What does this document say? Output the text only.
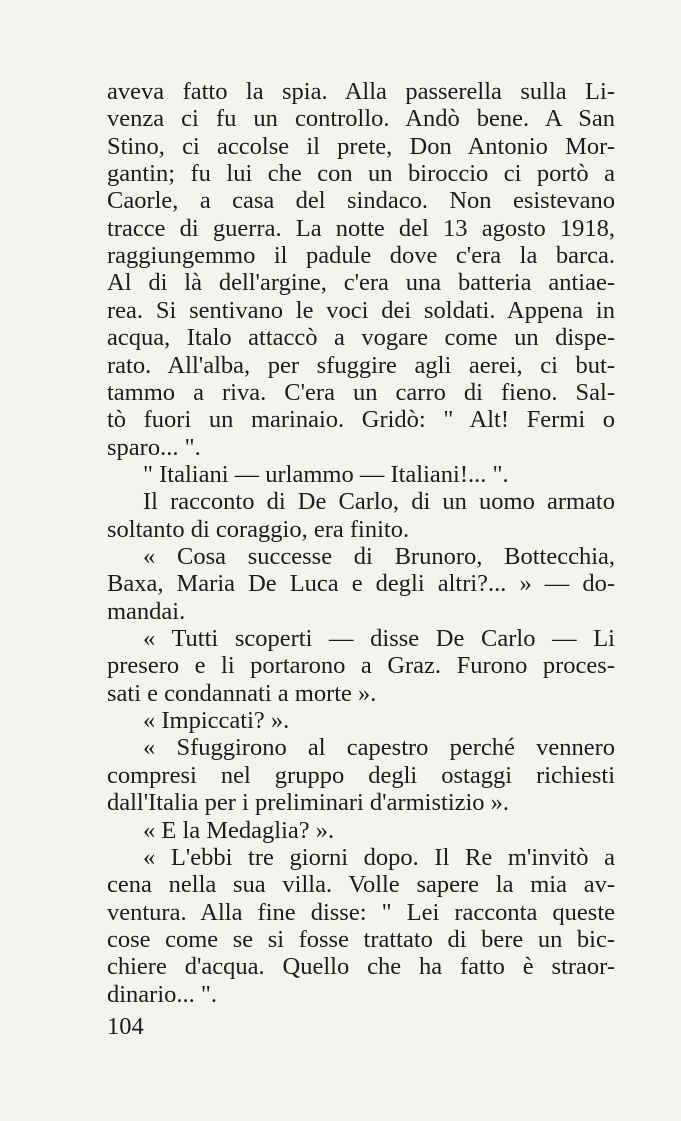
aveva fatto la spia. Alla passerella sulla Li-
venza ci fu un controllo. Andò bene. A San
Stino, ci accolse il prete, Don Antonio Mor-
gantin; fu lui che con un biroccio ci portò a
Caorle, a casa del sindaco. Non esistevano
tracce di guerra. La notte del 13 agosto 1918,
raggiungemmo il padule dove c'era la barca.
Al di là dell'argine, c'era una batteria antiae-
rea. Si sentivano le voci dei soldati. Appena in
acqua, Italo attaccò a vogare come un dispe-
rato. All'alba, per sfuggire agli aerei, ci but-
tammo a riva. C'era un carro di fieno. Sal-
tò fuori un marinaio. Gridò: " Alt! Fermi o
sparo... ".
" Italiani — urlammo — Italiani!... ".
Il racconto di De Carlo, di un uomo armato
soltanto di coraggio, era finito.
« Cosa successe di Brunoro, Bottecchia,
Baxa, Maria De Luca e degli altri?... » — do-
mandai.
« Tutti scoperti — disse De Carlo — Li
presero e li portarono a Graz. Furono proces-
sati e condannati a morte ».
« Impiccati? ».
« Sfuggirono al capestro perché vennero
compresi nel gruppo degli ostaggi richiesti
dall'Italia per i preliminari d'armistizio ».
« E la Medaglia? ».
« L'ebbi tre giorni dopo. Il Re m'invitò a
cena nella sua villa. Volle sapere la mia av-
ventura. Alla fine disse: " Lei racconta queste
cose come se si fosse trattato di bere un bic-
chiere d'acqua. Quello che ha fatto è straor-
dinario... ".
104
